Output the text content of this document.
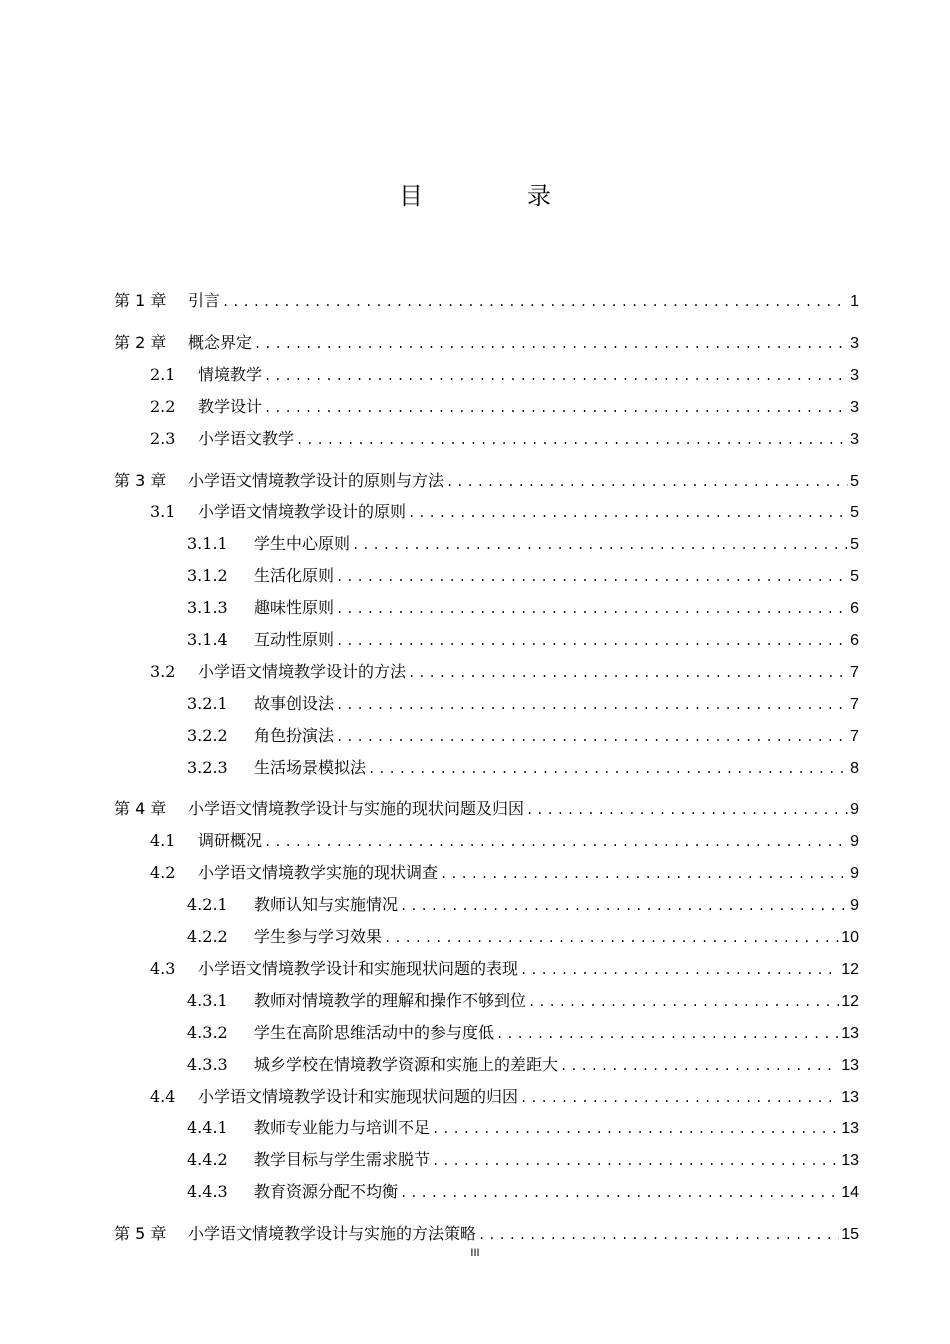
目　录
第 1 章	引言 .....	1
第 2 章	概念界定 .....	3
2.1	情境教学 .....	3
2.2	教学设计 .....	3
2.3	小学语文教学 .....	3
第 3 章	小学语文情境教学设计的原则与方法 .....	5
3.1	小学语文情境教学设计的原则 .....	5
3.1.1	学生中心原则 .....	5
3.1.2	生活化原则 .....	5
3.1.3	趣味性原则 .....	6
3.1.4	互动性原则 .....	6
3.2	小学语文情境教学设计的方法 .....	7
3.2.1	故事创设法 .....	7
3.2.2	角色扮演法 .....	7
3.2.3	生活场景模拟法 .....	8
第 4 章	小学语文情境教学设计与实施的现状问题及归因 .....	9
4.1	调研概况 .....	9
4.2	小学语文情境教学实施的现状调查 .....	9
4.2.1	教师认知与实施情况 .....	9
4.2.2	学生参与学习效果 .....	10
4.3	小学语文情境教学设计和实施现状问题的表现 .....	12
4.3.1	教师对情境教学的理解和操作不够到位 .....	12
4.3.2	学生在高阶思维活动中的参与度低 .....	13
4.3.3	城乡学校在情境教学资源和实施上的差距大 .....	13
4.4	小学语文情境教学设计和实施现状问题的归因 .....	13
4.4.1	教师专业能力与培训不足 .....	13
4.4.2	教学目标与学生需求脱节 .....	13
4.4.3	教育资源分配不均衡 .....	14
第 5 章	小学语文情境教学设计与实施的方法策略 .....	15
III
